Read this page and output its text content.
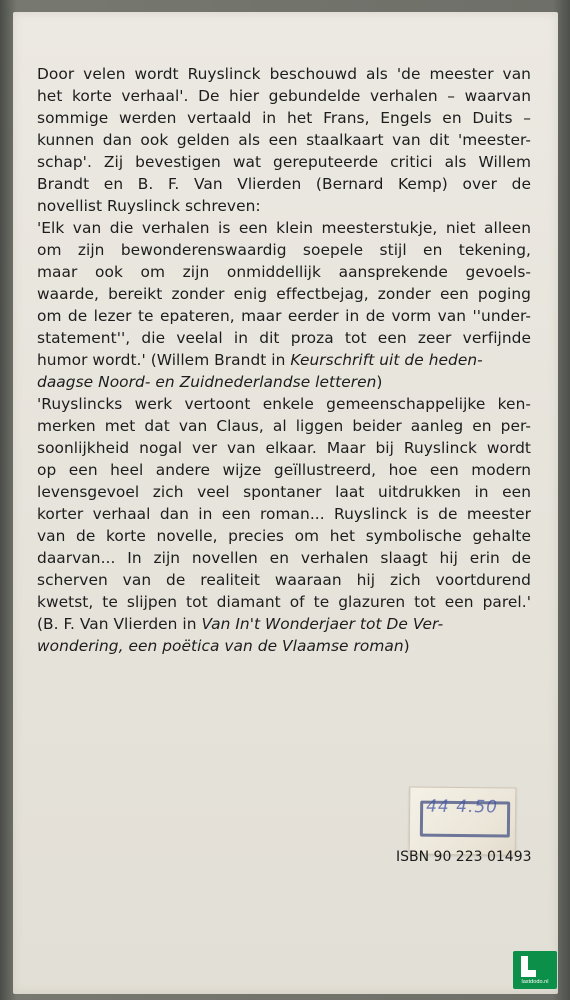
Door velen wordt Ruyslinck beschouwd als 'de meester van
het korte verhaal'. De hier gebundelde verhalen – waarvan
sommige werden vertaald in het Frans, Engels en Duits –
kunnen dan ook gelden als een staalkaart van dit 'meester-
schap'. Zij bevestigen wat gereputeerde critici als Willem
Brandt en B. F. Van Vlierden (Bernard Kemp) over de
novellist Ruyslinck schreven:
'Elk van die verhalen is een klein meesterstukje, niet alleen
om zijn bewonderenswaardig soepele stijl en tekening,
maar ook om zijn onmiddellijk aansprekende gevoels-
waarde, bereikt zonder enig effectbejag, zonder een poging
om de lezer te epateren, maar eerder in de vorm van ''under-
statement'', die veelal in dit proza tot een zeer verfijnde
humor wordt.' (Willem Brandt in Keurschrift uit de heden-
daagse Noord- en Zuidnederlandse letteren)
'Ruyslincks werk vertoont enkele gemeenschappelijke ken-
merken met dat van Claus, al liggen beider aanleg en per-
soonlijkheid nogal ver van elkaar. Maar bij Ruyslinck wordt
op een heel andere wijze geïllustreerd, hoe een modern
levensgevoel zich veel spontaner laat uitdrukken in een
korter verhaal dan in een roman... Ruyslinck is de meester
van de korte novelle, precies om het symbolische gehalte
daarvan... In zijn novellen en verhalen slaagt hij erin de
scherven van de realiteit waaraan hij zich voortdurend
kwetst, te slijpen tot diamant of te glazuren tot een parel.'
(B. F. Van Vlierden in Van In't Wonderjaer tot De Ver-
wondering, een poëtica van de Vlaamse roman)
44 4.50
ISBN 90 223 01493
lastdodo.nl
